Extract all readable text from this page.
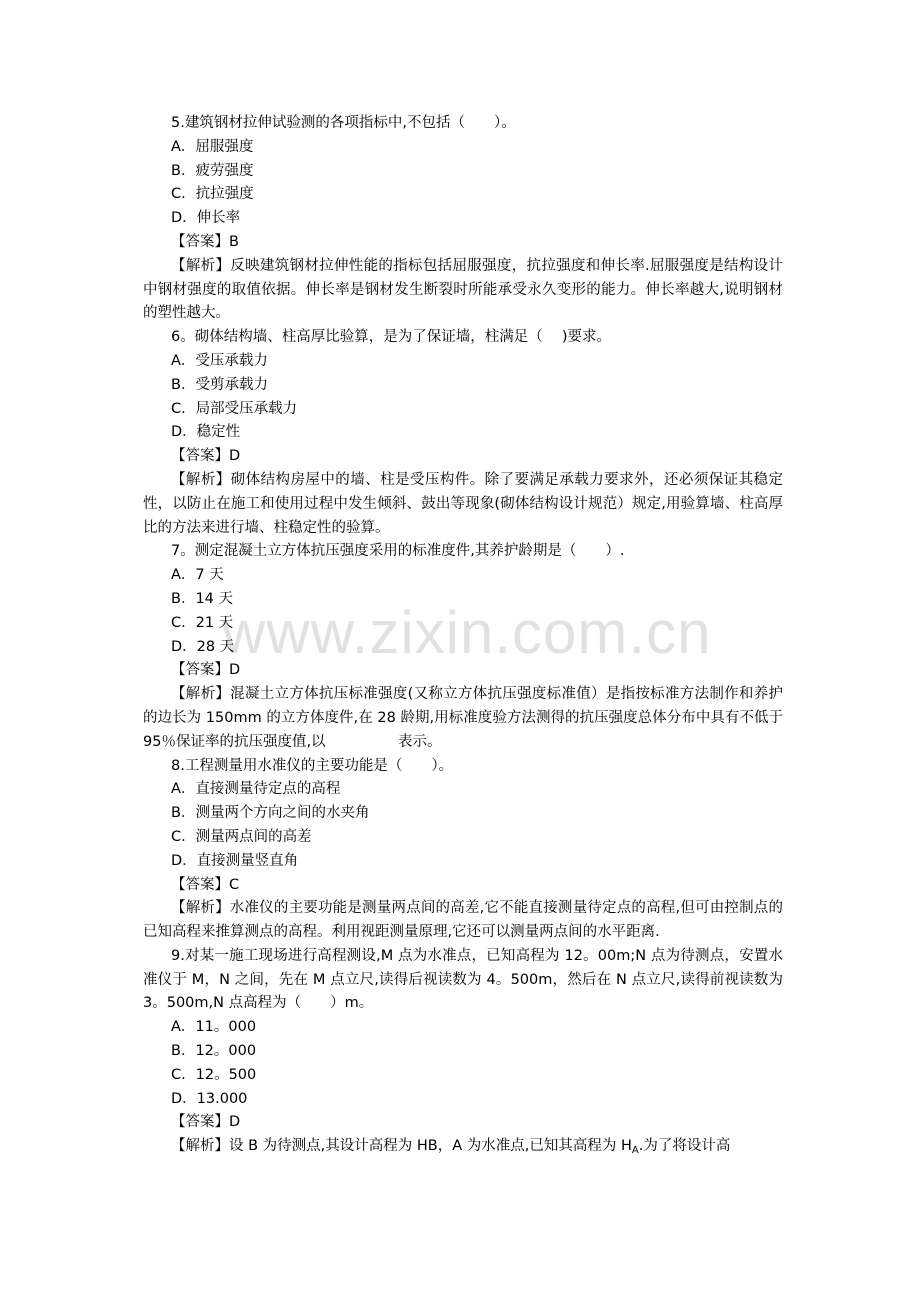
www.zixin.com.cn
5.建筑钢材拉伸试验测的各项指标中,不包括（　　）。
A．屈服强度
B．疲劳强度
C．抗拉强度
D．伸长率
【答案】B
【解析】反映建筑钢材拉伸性能的指标包括屈服强度，抗拉强度和伸长率.屈服强度是结构设计中钢材强度的取值依据。伸长率是钢材发生断裂时所能承受永久变形的能力。伸长率越大,说明钢材的塑性越大。
6。砌体结构墙、柱高厚比验算，是为了保证墙，柱满足（　 )要求。
A．受压承载力
B．受剪承载力
C．局部受压承载力
D．稳定性
【答案】D
【解析】砌体结构房屋中的墙、柱是受压构件。除了要满足承载力要求外，还必须保证其稳定性，以防止在施工和使用过程中发生倾斜、鼓出等现象(砌体结构设计规范）规定,用验算墙、柱高厚比的方法来进行墙、柱稳定性的验算。
7。测定混凝土立方体抗压强度采用的标准度件,其养护龄期是（　　）.
A．7 天
B．14 天
C．21 天
D．28 天
【答案】D
【解析】混凝土立方体抗压标准强度(又称立方体抗压强度标准值）是指按标准方法制作和养护的边长为 150mm 的立方体度件,在 28 龄期,用标准度验方法测得的抗压强度总体分布中具有不低于 95％保证率的抗压强度值,以　　　　　表示。
8.工程测量用水准仪的主要功能是（　　）。
A．直接测量待定点的高程
B．测量两个方向之间的水夹角
C．测量两点间的高差
D．直接测量竖直角
【答案】C
【解析】水准仪的主要功能是测量两点间的高差,它不能直接测量待定点的高程,但可由控制点的已知高程来推算测点的高程。利用视距测量原理,它还可以测量两点间的水平距离.
9.对某一施工现场进行高程测设,M 点为水准点，已知高程为 12。00m;N 点为待测点，安置水准仪于 M，N 之间，先在 M 点立尺,读得后视读数为 4。500m，然后在 N 点立尺,读得前视读数为 3。500m,N 点高程为（　　）m。
A．11。000
B．12。000
C．12。500
D．13.000
【答案】D
【解析】设 B 为待测点,其设计高程为 HB，A 为水准点,已知其高程为 $H_A$.为了将设计高
